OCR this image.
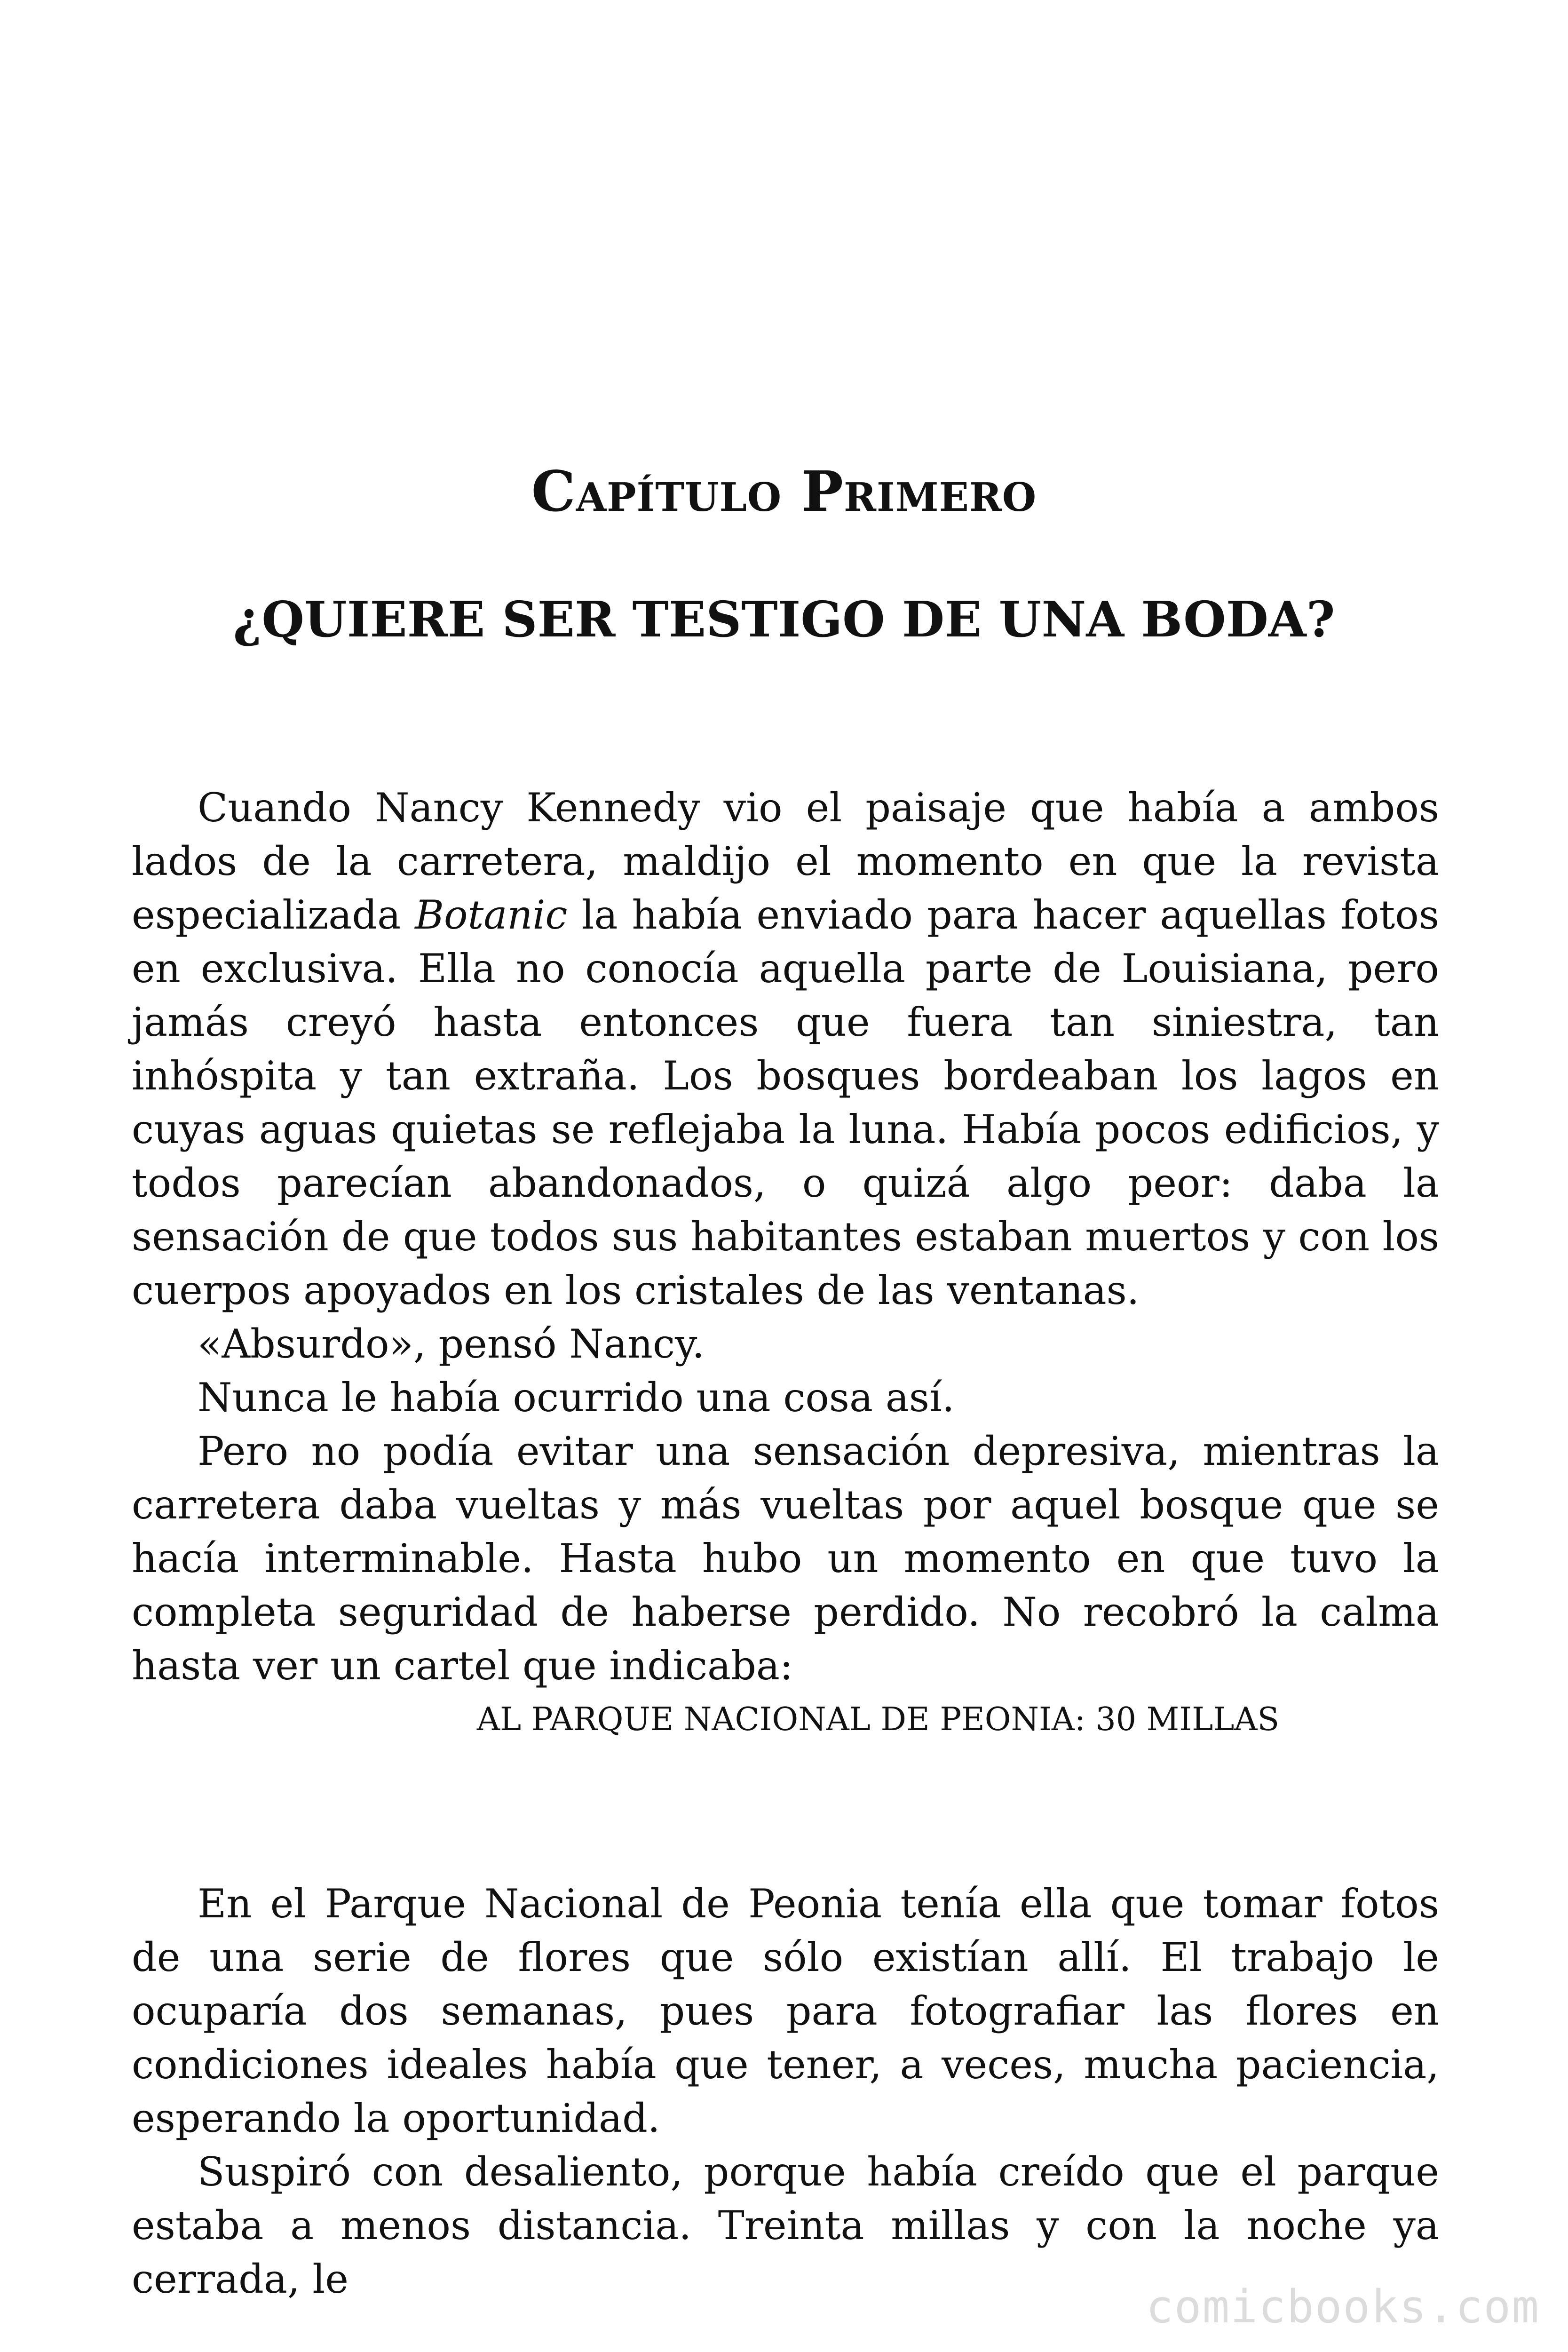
Capítulo Primero
¿QUIERE SER TESTIGO DE UNA BODA?

Cuando Nancy Kennedy vio el paisaje que había a ambos lados de la carretera, maldijo el momento en que la revista especializada Botanic la había enviado para hacer aquellas fotos en exclusiva. Ella no conocía aquella parte de Louisiana, pero jamás creyó hasta entonces que fuera tan siniestra, tan inhóspita y tan extraña. Los bosques bordeaban los lagos en cuyas aguas quietas se reflejaba la luna. Había pocos edificios, y todos parecían abandonados, o quizá algo peor: daba la sensación de que todos sus habitantes estaban muertos y con los cuerpos apoyados en los cristales de las ventanas.

«Absurdo», pensó Nancy.

Nunca le había ocurrido una cosa así.

Pero no podía evitar una sensación depresiva, mientras la carretera daba vueltas y más vueltas por aquel bosque que se hacía interminable. Hasta hubo un momento en que tuvo la completa seguridad de haberse perdido. No recobró la calma hasta ver un cartel que indicaba:

AL PARQUE NACIONAL DE PEONIA: 30 MILLAS

En el Parque Nacional de Peonia tenía ella que tomar fotos de una serie de flores que sólo existían allí. El trabajo le ocuparía dos semanas, pues para fotografiar las flores en condiciones ideales había que tener, a veces, mucha paciencia, esperando la oportunidad.

Suspiró con desaliento, porque había creído que el parque estaba a menos distancia. Treinta millas y con la noche ya cerrada, le

comicbooks.com
